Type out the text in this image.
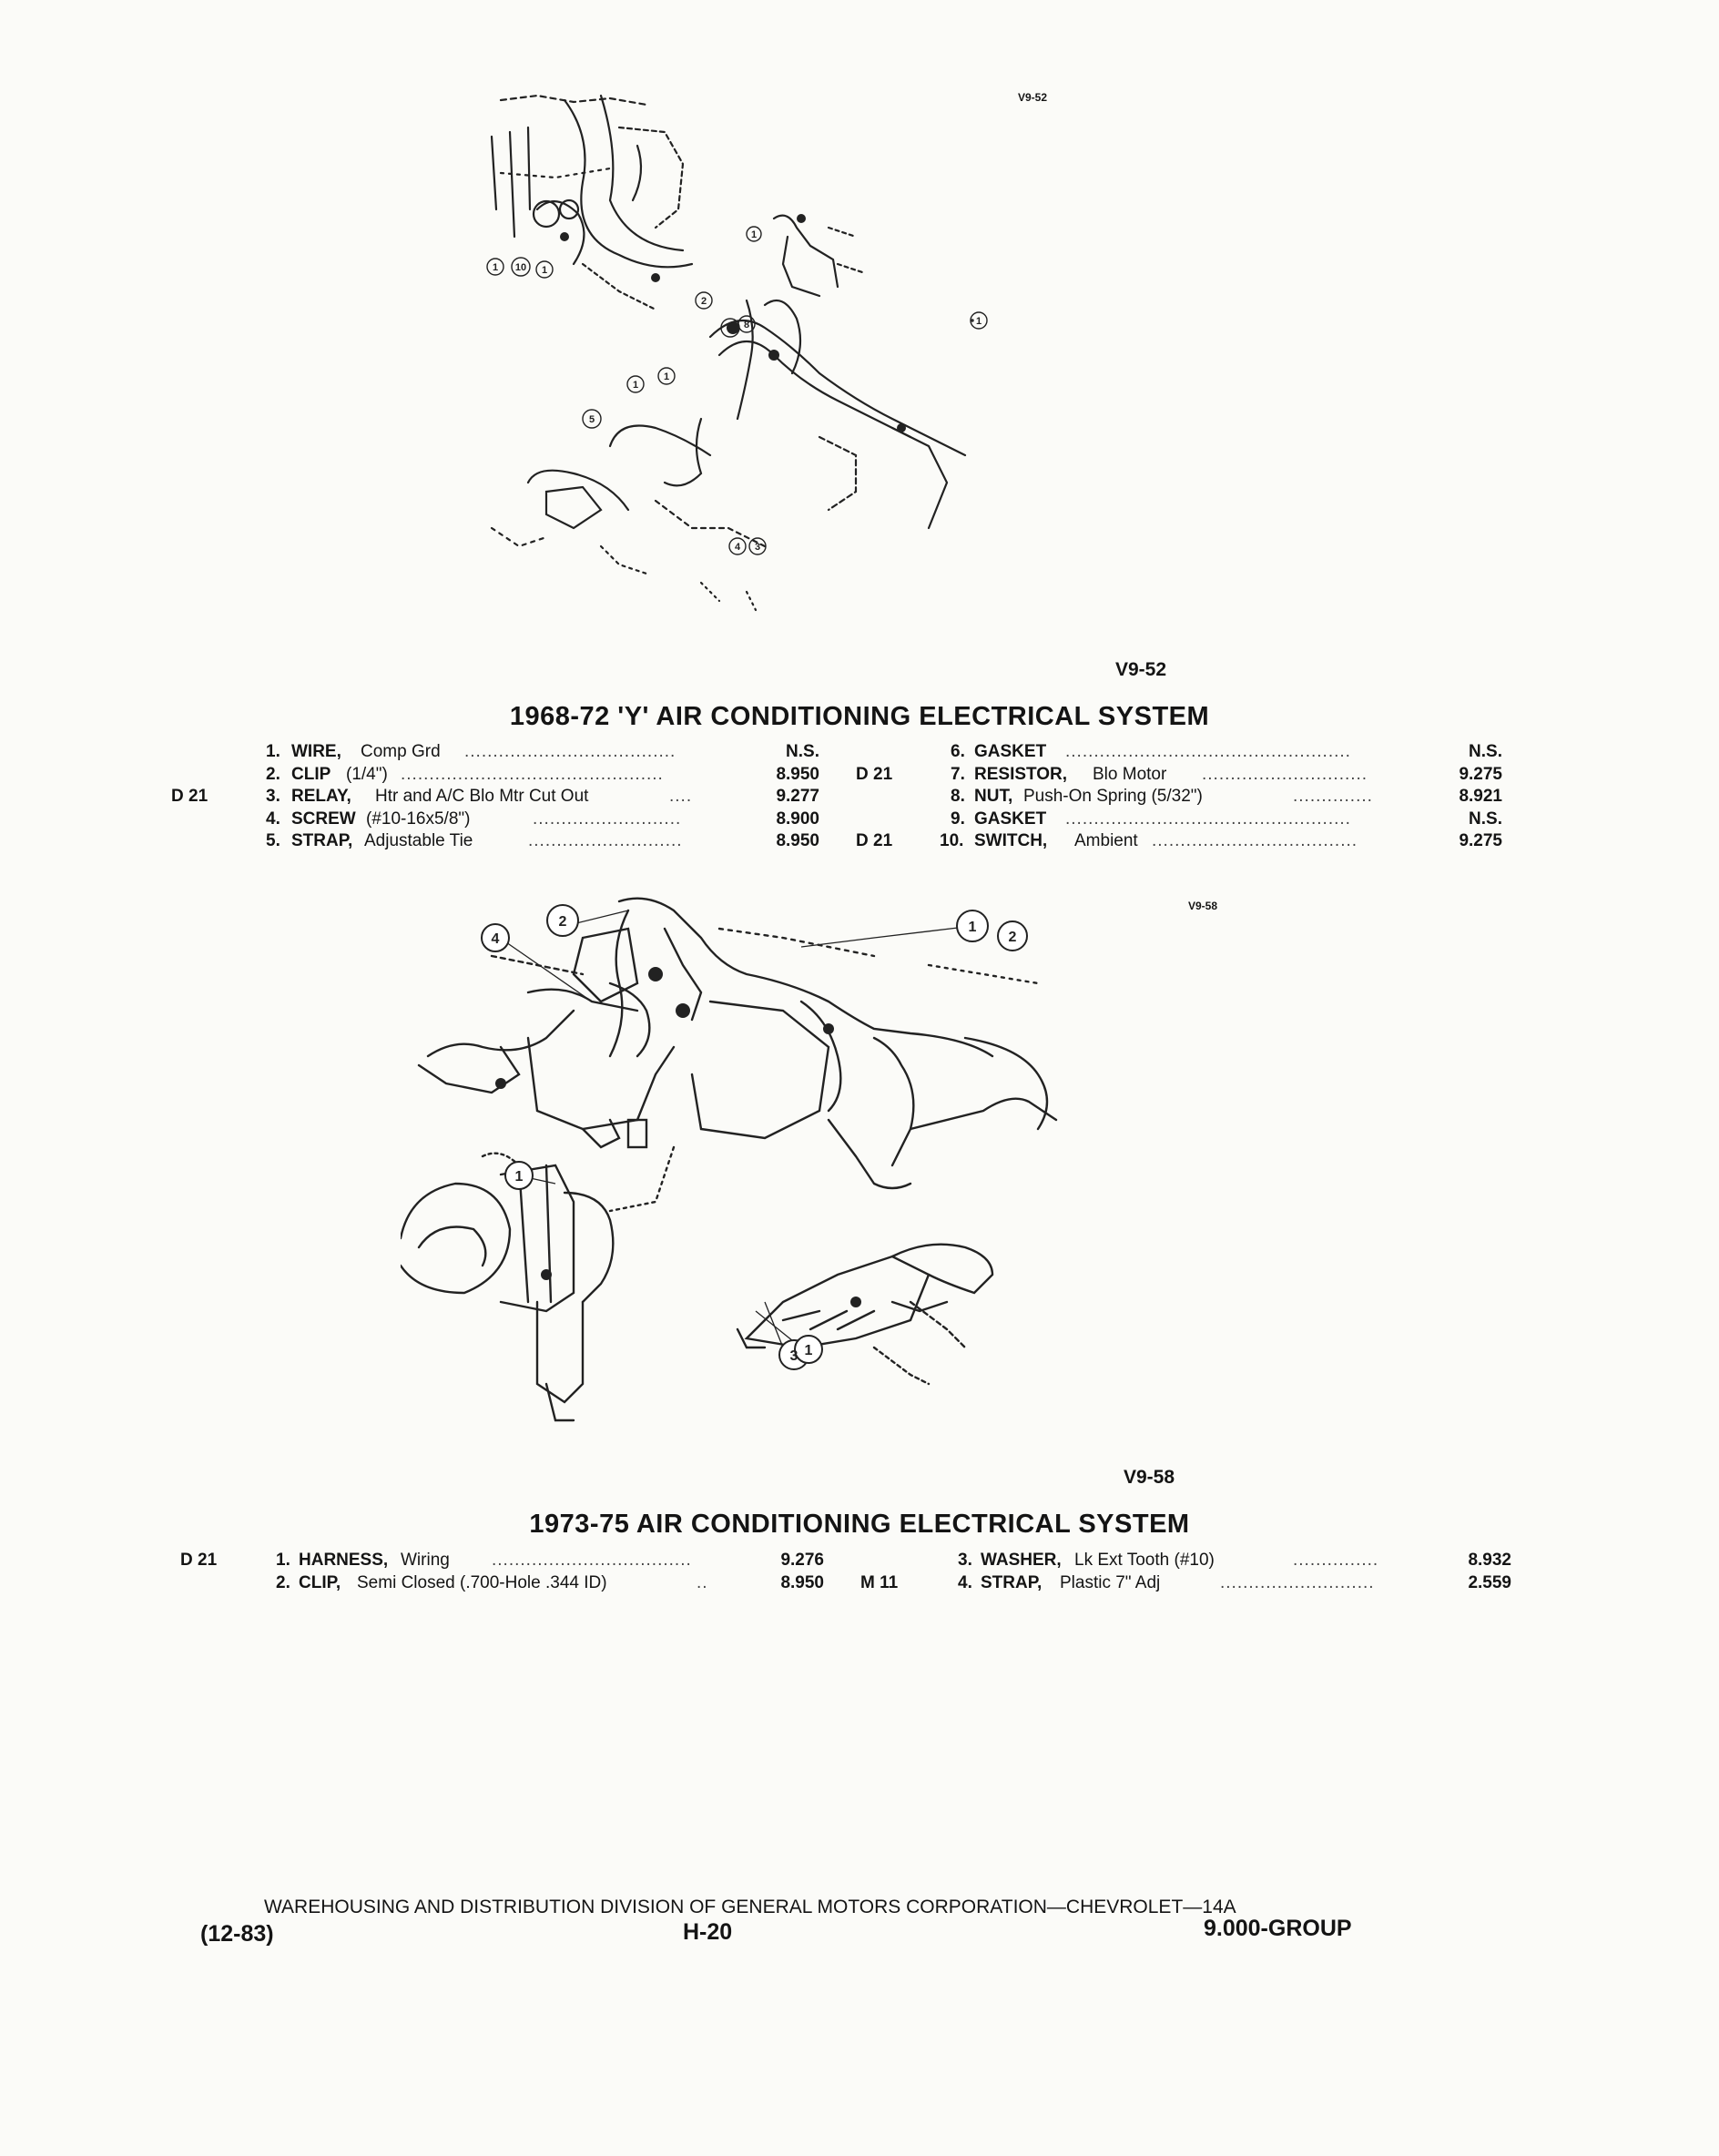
1 10 1
1
8
2
1
1
1
5
4 3
1
V9-52
V9-52
1968-72 'Y' AIR CONDITIONING ELECTRICAL SYSTEM
1. WIRE, Comp Grd .....................................	N.S.
2. CLIP (1/4") ..............................................	8.950
D 21	3. RELAY, Htr and A/C Blo Mtr Cut Out	....	9.277
4. SCREW (#10-16x5/8")	..........................	8.900
5. STRAP, Adjustable Tie	...........................	8.950
6. GASKET ..................................................	N.S.
D 21	7. RESISTOR, Blo Motor .............................	9.275
8. NUT, Push-On Spring (5/32")	..............	8.921
9. GASKET ..................................................	N.S.
D 21	10. SWITCH, Ambient ....................................	9.275
2	1
2
4
1
3 1
V9-58
V9-58
1973-75 AIR CONDITIONING ELECTRICAL SYSTEM
D 21	1. HARNESS, Wiring ...................................	9.276
2. CLIP, Semi Closed (.700-Hole .344 ID)	..	8.950
3. WASHER, Lk Ext Tooth (#10)	...............	8.932
M 11	4. STRAP, Plastic 7" Adj	...........................	2.559
WAREHOUSING AND DISTRIBUTION DIVISION OF GENERAL MOTORS CORPORATION—CHEVROLET—14A
(12-83)	H-20	9.000-GROUP
